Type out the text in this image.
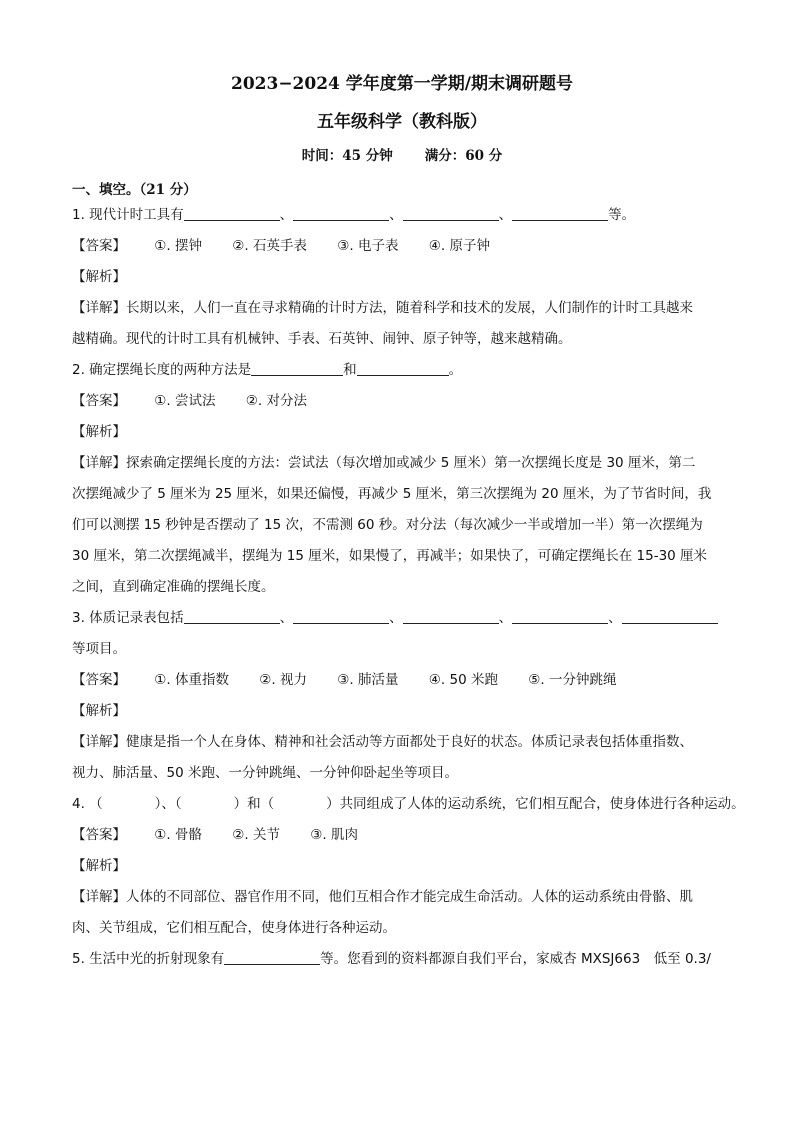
2023−2024 学年度第一学期/期末调研题号
五年级科学（教科版）
时间：45 分钟 满分：60 分
一、填空。（21 分）
1. 现代计时工具有	、	、	、	等。
【答案】 ①. 摆钟 ②. 石英手表 ③. 电子表 ④. 原子钟
【解析】
【详解】长期以来，人们一直在寻求精确的计时方法，随着科学和技术的发展，人们制作的计时工具越来
越精确。现代的计时工具有机械钟、手表、石英钟、闹钟、原子钟等，越来越精确。
2. 确定摆绳长度的两种方法是	和	。
【答案】 ①. 尝试法 ②. 对分法
【解析】
【详解】探索确定摆绳长度的方法：尝试法（每次增加或减少 5 厘米）第一次摆绳长度是 30 厘米，第二
次摆绳减少了 5 厘米为 25 厘米，如果还偏慢，再减少 5 厘米，第三次摆绳为 20 厘米，为了节省时间，我
们可以测摆 15 秒钟是否摆动了 15 次，不需测 60 秒。对分法（每次减少一半或增加一半）第一次摆绳为
30 厘米，第二次摆绳减半，摆绳为 15 厘米，如果慢了，再减半；如果快了，可确定摆绳长在 15-30 厘米
之间，直到确定准确的摆绳长度。
3. 体质记录表包括	、	、	、	、
等项目。
【答案】 ①. 体重指数 ②. 视力 ③. 肺活量 ④. 50 米跑 ⑤. 一分钟跳绳
【解析】
【详解】健康是指一个人在身体、精神和社会活动等方面都处于良好的状态。体质记录表包括体重指数、
视力、肺活量、50 米跑、一分钟跳绳、一分钟仰卧起坐等项目。
4. （	）、（	）和（	）共同组成了人体的运动系统，它们相互配合，使身体进行各种运动。
【答案】 ①. 骨骼 ②. 关节 ③. 肌肉
【解析】
【详解】人体的不同部位、器官作用不同，他们互相合作才能完成生命活动。人体的运动系统由骨骼、肌
肉、关节组成，它们相互配合，使身体进行各种运动。
5. 生活中光的折射现象有	等。您看到的资料都源自我们平台，家威杏 MXSJ663　低至 0.3/
